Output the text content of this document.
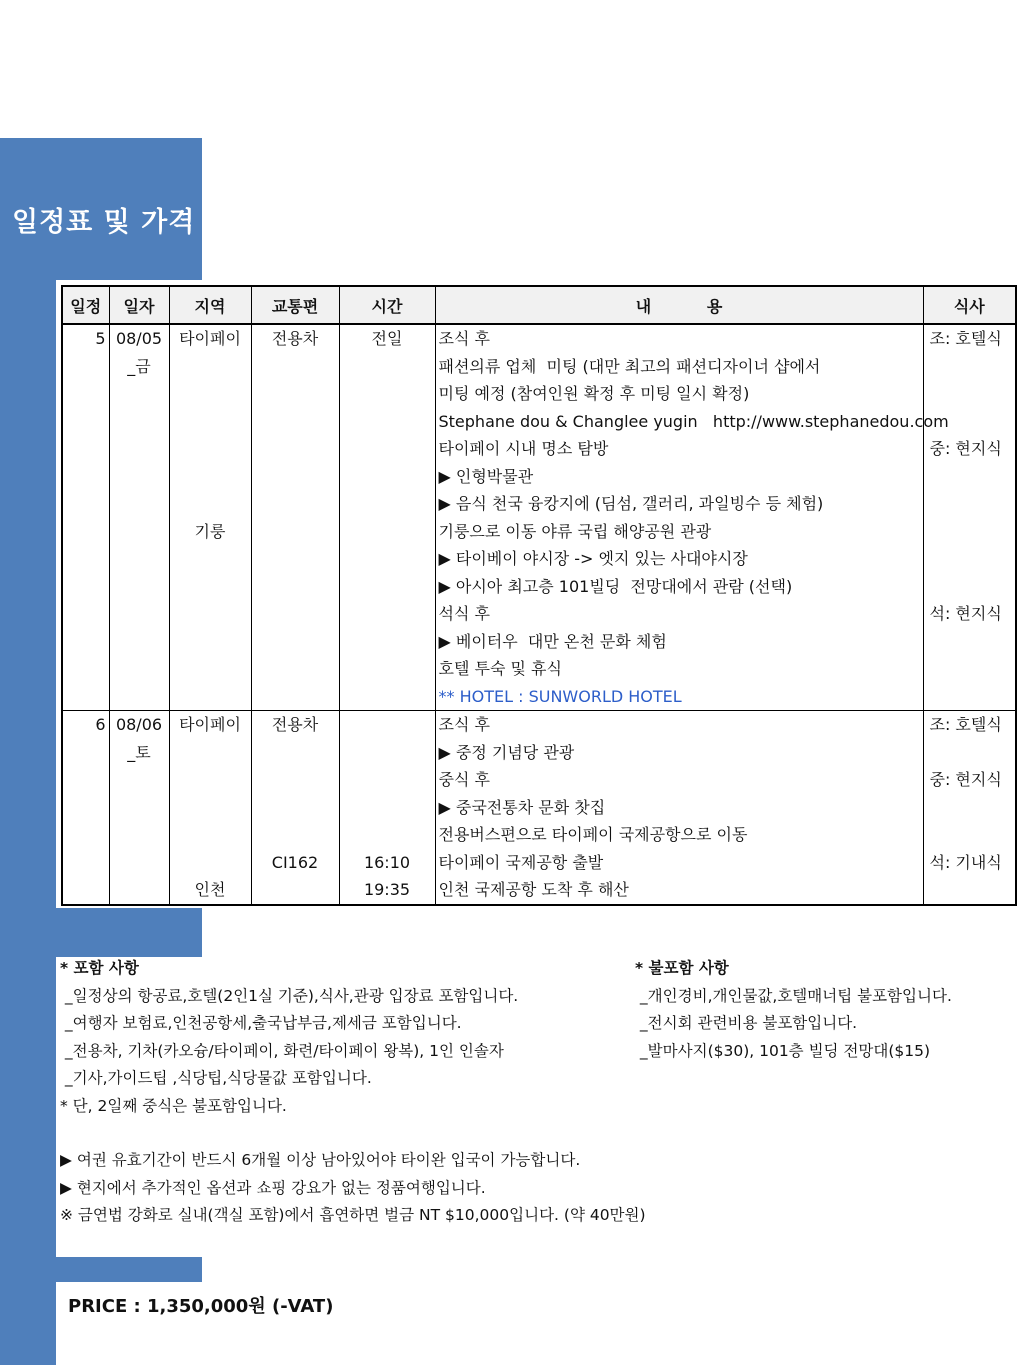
일정표 및 가격
일정	일자	지역	교통편	시간	내          용	식사
5	08/05	타이페이	전용차	전일	조식 후	조: 호텔식
	_금				패션의류 업체  미팅 (대만 최고의 패션디자이너 샵에서	
					미팅 예정 (참여인원 확정 후 미팅 일시 확정)	
					Stephane dou & Changlee yugin   http://www.stephanedou.com	
					타이페이 시내 명소 탐방	중: 현지식
					▶ 인형박물관	
					▶ 음식 천국 융캉지에 (딤섬, 갤러리, 과일빙수 등 체험)	
		기룽			기룽으로 이동 야류 국립 해양공원 관광	
					▶ 타이베이 야시장 -> 엣지 있는 사대야시장	
					▶ 아시아 최고층 101빌딩  전망대에서 관람 (선택)	
					석식 후	석: 현지식
					▶ 베이터우  대만 온천 문화 체험	
					호텔 투숙 및 휴식	
					** HOTEL : SUNWORLD HOTEL	
6	08/06	타이페이	전용차		조식 후	조: 호텔식
	_토				▶ 중정 기념당 관광	
					중식 후	중: 현지식
					▶ 중국전통차 문화 찻집	
					전용버스편으로 타이페이 국제공항으로 이동	
			CI162	16:10	타이페이 국제공항 출발	석: 기내식
		인천		19:35	인천 국제공항 도착 후 해산	
* 포함 사항
_일정상의 항공료,호텔(2인1실 기준),식사,관광 입장료 포함입니다.
_여행자 보험료,인천공항세,출국납부금,제세금 포함입니다.
_전용차, 기차(카오슝/타이페이, 화련/타이페이 왕복), 1인 인솔자
_기사,가이드팁 ,식당팁,식당물값 포함입니다.
* 단, 2일째 중식은 불포함입니다.
* 불포함 사항
_개인경비,개인물값,호텔매너팁 불포함입니다.
_전시회 관련비용 불포함입니다.
_발마사지($30), 101층 빌딩 전망대($15)
▶ 여권 유효기간이 반드시 6개월 이상 남아있어야 타이완 입국이 가능합니다.
▶ 현지에서 추가적인 옵션과 쇼핑 강요가 없는 정품여행입니다.
※ 금연법 강화로 실내(객실 포함)에서 흡연하면 벌금 NT $10,000입니다. (약 40만원)
PRICE : 1,350,000원 (-VAT)
